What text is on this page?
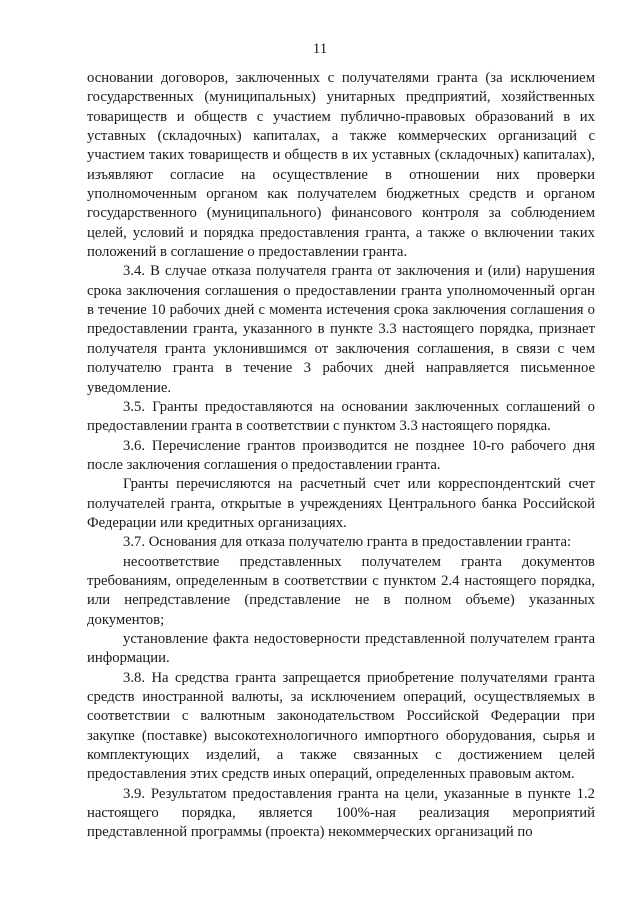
11

основании договоров, заключенных с получателями гранта (за исключением государственных (муниципальных) унитарных предприятий, хозяйственных товариществ и обществ с участием публично-правовых образований в их уставных (складочных) капиталах, а также коммерческих организаций с участием таких товариществ и обществ в их уставных (складочных) капиталах), изъявляют согласие на осуществление в отношении них проверки уполномоченным органом как получателем бюджетных средств и органом государственного (муниципального) финансового контроля за соблюдением целей, условий и порядка предоставления гранта, а также о включении таких положений в соглашение о предоставлении гранта.

3.4. В случае отказа получателя гранта от заключения и (или) нарушения срока заключения соглашения о предоставлении гранта уполномоченный орган в течение 10 рабочих дней с момента истечения срока заключения соглашения о предоставлении гранта, указанного в пункте 3.3 настоящего порядка, признает получателя гранта уклонившимся от заключения соглашения, в связи с чем получателю гранта в течение 3 рабочих дней направляется письменное уведомление.

3.5. Гранты предоставляются на основании заключенных соглашений о предоставлении гранта в соответствии с пунктом 3.3 настоящего порядка.

3.6. Перечисление грантов производится не позднее 10-го рабочего дня после заключения соглашения о предоставлении гранта.

Гранты перечисляются на расчетный счет или корреспондентский счет получателей гранта, открытые в учреждениях Центрального банка Российской Федерации или кредитных организациях.

3.7. Основания для отказа получателю гранта в предоставлении гранта:

несоответствие представленных получателем гранта документов требованиям, определенным в соответствии с пунктом 2.4 настоящего порядка, или непредставление (представление не в полном объеме) указанных документов;

установление факта недостоверности представленной получателем гранта информации.

3.8. На средства гранта запрещается приобретение получателями гранта средств иностранной валюты, за исключением операций, осуществляемых в соответствии с валютным законодательством Российской Федерации при закупке (поставке) высокотехнологичного импортного оборудования, сырья и комплектующих изделий, а также связанных с достижением целей предоставления этих средств иных операций, определенных правовым актом.

3.9. Результатом предоставления гранта на цели, указанные в пункте 1.2 настоящего порядка, является 100%-ная реализация мероприятий представленной программы (проекта) некоммерческих организаций по
